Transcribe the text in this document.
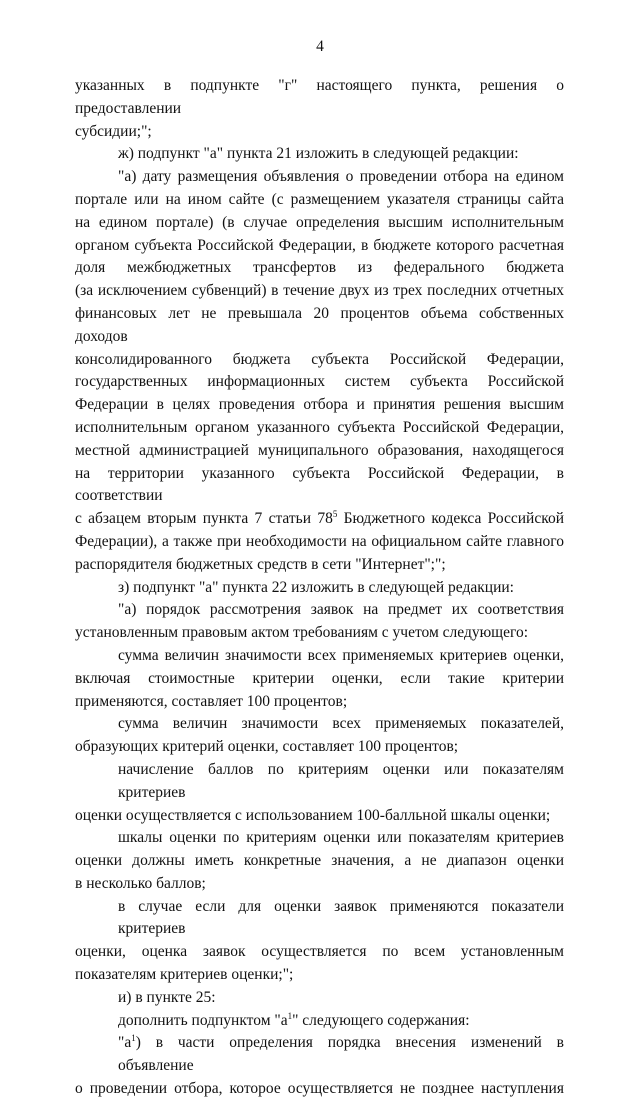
4
указанных в подпункте "г" настоящего пункта, решения о предоставлении
субсидии;";
ж) подпункт "а" пункта 21 изложить в следующей редакции:
"а) дату размещения объявления о проведении отбора на едином
портале или на ином сайте (с размещением указателя страницы сайта
на едином портале) (в случае определения высшим исполнительным
органом субъекта Российской Федерации, в бюджете которого расчетная
доля межбюджетных трансфертов из федерального бюджета
(за исключением субвенций) в течение двух из трех последних отчетных
финансовых лет не превышала 20 процентов объема собственных доходов
консолидированного бюджета субъекта Российской Федерации,
государственных информационных систем субъекта Российской
Федерации в целях проведения отбора и принятия решения высшим
исполнительным органом указанного субъекта Российской Федерации,
местной администрацией муниципального образования, находящегося
на территории указанного субъекта Российской Федерации, в соответствии
с абзацем вторым пункта 7 статьи $78^5$ Бюджетного кодекса Российской
Федерации), а также при необходимости на официальном сайте главного
распорядителя бюджетных средств в сети "Интернет";";
з) подпункт "а" пункта 22 изложить в следующей редакции:
"а) порядок рассмотрения заявок на предмет их соответствия
установленным правовым актом требованиям с учетом следующего:
сумма величин значимости всех применяемых критериев оценки,
включая стоимостные критерии оценки, если такие критерии
применяются, составляет 100 процентов;
сумма величин значимости всех применяемых показателей,
образующих критерий оценки, составляет 100 процентов;
начисление баллов по критериям оценки или показателям критериев
оценки осуществляется с использованием 100-балльной шкалы оценки;
шкалы оценки по критериям оценки или показателям критериев
оценки должны иметь конкретные значения, а не диапазон оценки
в несколько баллов;
в случае если для оценки заявок применяются показатели критериев
оценки, оценка заявок осуществляется по всем установленным
показателям критериев оценки;";
и) в пункте 25:
дополнить подпунктом "$а^1$" следующего содержания:
"$а^1$) в части определения порядка внесения изменений в объявление
о проведении отбора, которое осуществляется не позднее наступления
